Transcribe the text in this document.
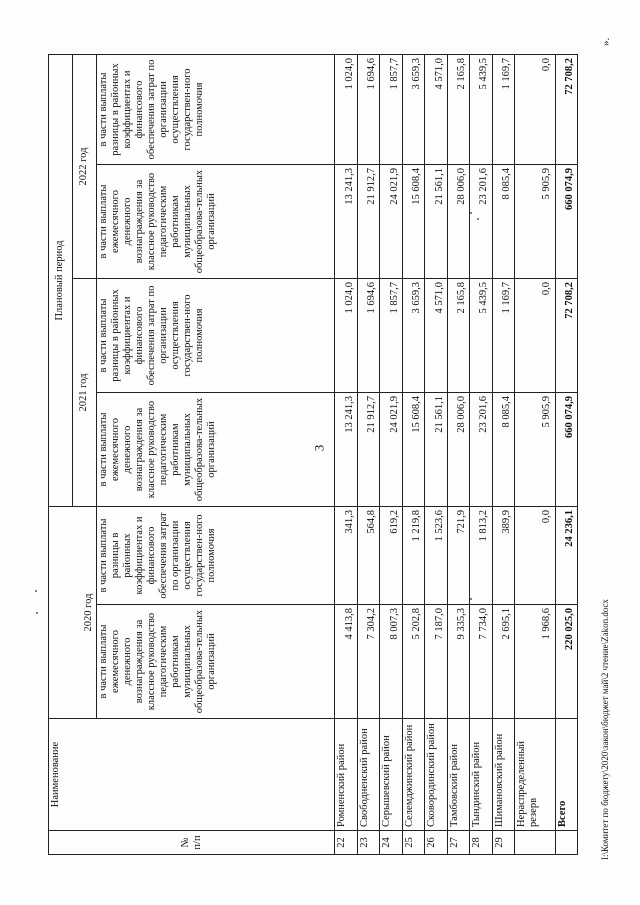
3
№ п/п	Наименование	2020 год		Плановый период			
				2021 год		2022 год	
		в части выплаты ежемесячного денежного вознаграждения за классное руководство педагогическим работникам муниципальных общеобразова-тельных организаций	в части выплаты разницы в районных коэффициентах и финансового обеспечения затрат по организации осуществления государствен-ного полномочия	в части выплаты ежемесячного денежного вознаграждения за классное руководство педагогическим работникам муниципальных общеобразова-тельных организаций	в части выплаты разницы в районных коэффициентах и финансового обеспечения затрат по организации осуществления государствен-ного полномочия	в части выплаты ежемесячного денежного вознаграждения за классное руководство педагогическим работникам муниципальных общеобразова-тельных организаций	в части выплаты разницы в районных коэффициентах и финансового обеспечения затрат по организации осуществления государствен-ного полномочия
22	Ромненский район	4 413,8	341,3	13 241,3	1 024,0	13 241,3	1 024,0
23	Свободненский район	7 304,2	564,8	21 912,7	1 694,6	21 912,7	1 694,6
24	Серышевский район	8 007,3	619,2	24 021,9	1 857,7	24 021,9	1 857,7
25	Селемджинский район	5 202,8	1 219,8	15 608,4	3 659,3	15 608,4	3 659,3
26	Сковородинский район	7 187,0	1 523,6	21 561,1	4 571,0	21 561,1	4 571,0
27	Тамбовский район	9 335,3	721,9	28 006,0	2 165,8	28 006,0	2 165,8
28	Тындинский район	7 734,0	1 813,2	23 201,6	5 439,5	23 201,6	5 439,5
29	Шимановский район	2 695,1	389,9	8 085,4	1 169,7	8 085,4	1 169,7
	Нераспределенный резерв	1 968,6	0,0	5 905,9	0,0	5 905,9	0,0
	Всего	220 025,0	24 236,1	660 074,9	72 708,2	660 074,9	72 708,2
».
I:\Комитет по бюджету\2020\закон\бюджет май\2 чтение\Zakon.docx
